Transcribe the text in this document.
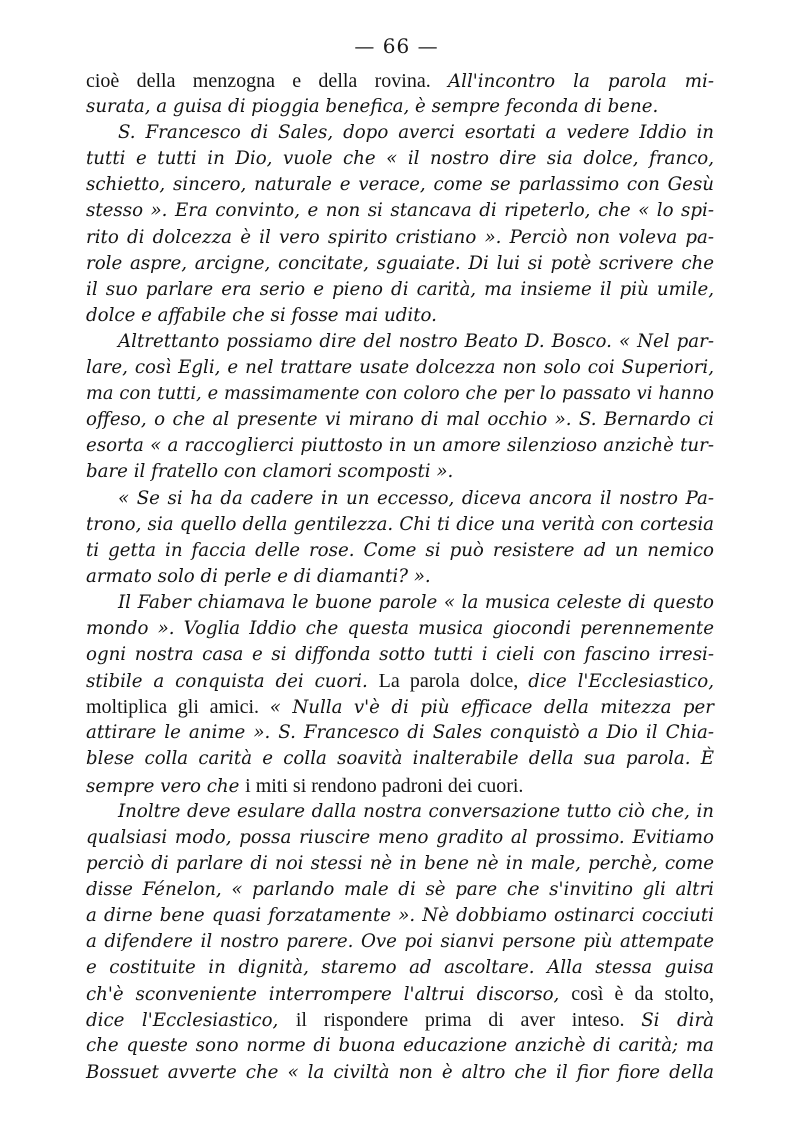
— 66 —
cioè della menzogna e della rovina. All'incontro la parola mi-
surata, a guisa di pioggia benefica, è sempre feconda di bene.
S. Francesco di Sales, dopo averci esortati a vedere Iddio in
tutti e tutti in Dio, vuole che « il nostro dire sia dolce, franco,
schietto, sincero, naturale e verace, come se parlassimo con Gesù
stesso ». Era convinto, e non si stancava di ripeterlo, che « lo spi-
rito di dolcezza è il vero spirito cristiano ». Perciò non voleva pa-
role aspre, arcigne, concitate, sguaiate. Di lui si potè scrivere che
il suo parlare era serio e pieno di carità, ma insieme il più umile,
dolce e affabile che si fosse mai udito.
Altrettanto possiamo dire del nostro Beato D. Bosco. « Nel par-
lare, così Egli, e nel trattare usate dolcezza non solo coi Superiori,
ma con tutti, e massimamente con coloro che per lo passato vi hanno
offeso, o che al presente vi mirano di mal occhio ». S. Bernardo ci
esorta « a raccoglierci piuttosto in un amore silenzioso anzichè tur-
bare il fratello con clamori scomposti ».
« Se si ha da cadere in un eccesso, diceva ancora il nostro Pa-
trono, sia quello della gentilezza. Chi ti dice una verità con cortesia
ti getta in faccia delle rose. Come si può resistere ad un nemico
armato solo di perle e di diamanti? ».
Il Faber chiamava le buone parole « la musica celeste di questo
mondo ». Voglia Iddio che questa musica giocondi perennemente
ogni nostra casa e si diffonda sotto tutti i cieli con fascino irresi-
stibile a conquista dei cuori. La parola dolce, dice l'Ecclesiastico,
moltiplica gli amici. « Nulla v'è di più efficace della mitezza per
attirare le anime ». S. Francesco di Sales conquistò a Dio il Chia-
blese colla carità e colla soavità inalterabile della sua parola. È
sempre vero che i miti si rendono padroni dei cuori.
Inoltre deve esulare dalla nostra conversazione tutto ciò che, in
qualsiasi modo, possa riuscire meno gradito al prossimo. Evitiamo
perciò di parlare di noi stessi nè in bene nè in male, perchè, come
disse Fénelon, « parlando male di sè pare che s'invitino gli altri
a dirne bene quasi forzatamente ». Nè dobbiamo ostinarci cocciuti
a difendere il nostro parere. Ove poi sianvi persone più attempate
e costituite in dignità, staremo ad ascoltare. Alla stessa guisa
ch'è sconveniente interrompere l'altrui discorso, così è da stolto,
dice l'Ecclesiastico, il rispondere prima di aver inteso. Si dirà
che queste sono norme di buona educazione anzichè di carità; ma
Bossuet avverte che « la civiltà non è altro che il fior fiore della
